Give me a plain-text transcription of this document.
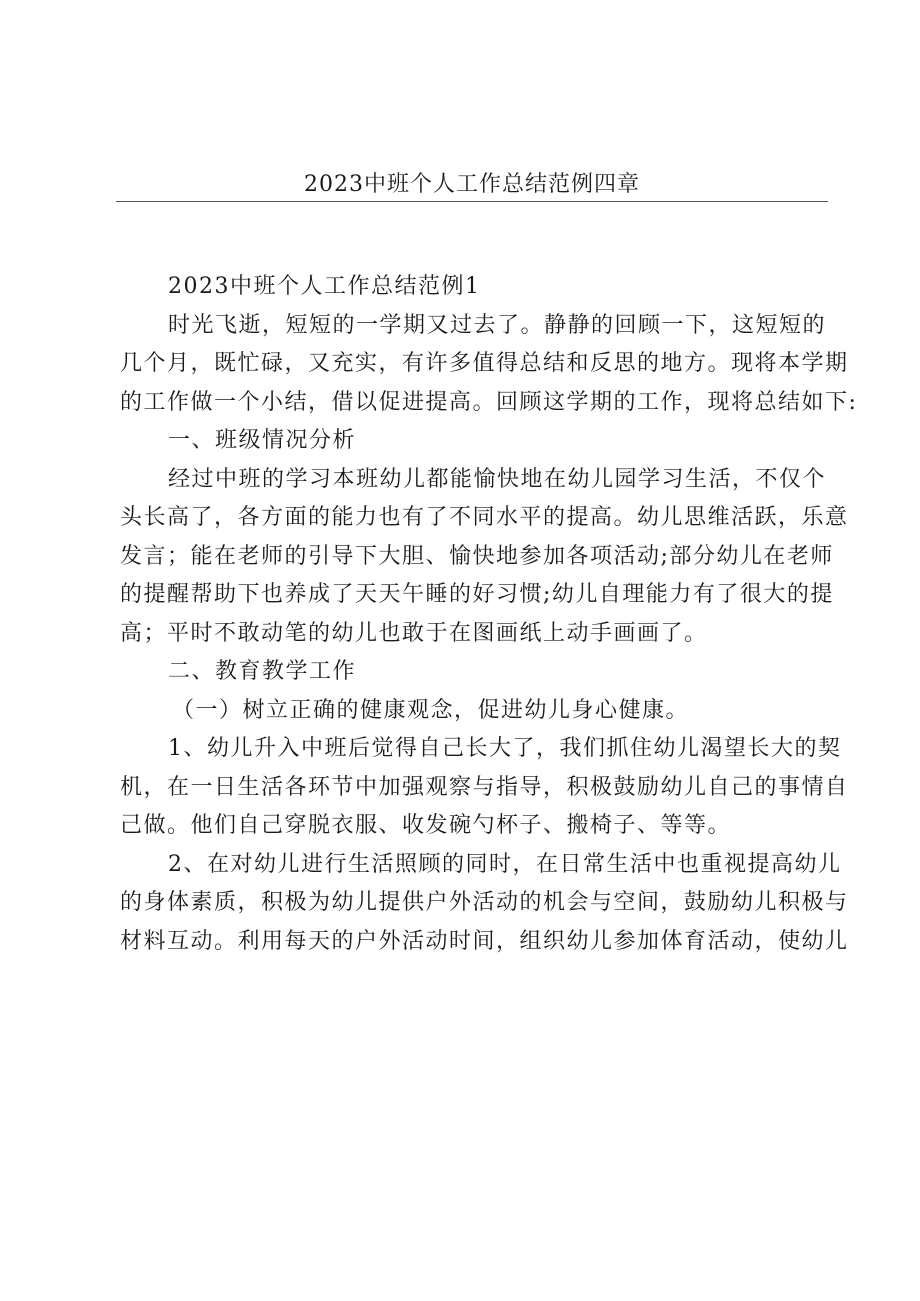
2023中班个人工作总结范例四章
2023中班个人工作总结范例1
时光飞逝，短短的一学期又过去了。静静的回顾一下，这短短的
几个月，既忙碌，又充实，有许多值得总结和反思的地方。现将本学期
的工作做一个小结，借以促进提高。回顾这学期的工作，现将总结如下:
一、班级情况分析
经过中班的学习本班幼儿都能愉快地在幼儿园学习生活，不仅个
头长高了，各方面的能力也有了不同水平的提高。幼儿思维活跃，乐意
发言；能在老师的引导下大胆、愉快地参加各项活动;部分幼儿在老师
的提醒帮助下也养成了天天午睡的好习惯;幼儿自理能力有了很大的提
高；平时不敢动笔的幼儿也敢于在图画纸上动手画画了。
二、教育教学工作
（一）树立正确的健康观念，促进幼儿身心健康。
1、幼儿升入中班后觉得自己长大了，我们抓住幼儿渴望长大的契
机，在一日生活各环节中加强观察与指导，积极鼓励幼儿自己的事情自
己做。他们自己穿脱衣服、收发碗勺杯子、搬椅子、等等。
2、在对幼儿进行生活照顾的同时，在日常生活中也重视提高幼儿
的身体素质，积极为幼儿提供户外活动的机会与空间，鼓励幼儿积极与
材料互动。利用每天的户外活动时间，组织幼儿参加体育活动，使幼儿
